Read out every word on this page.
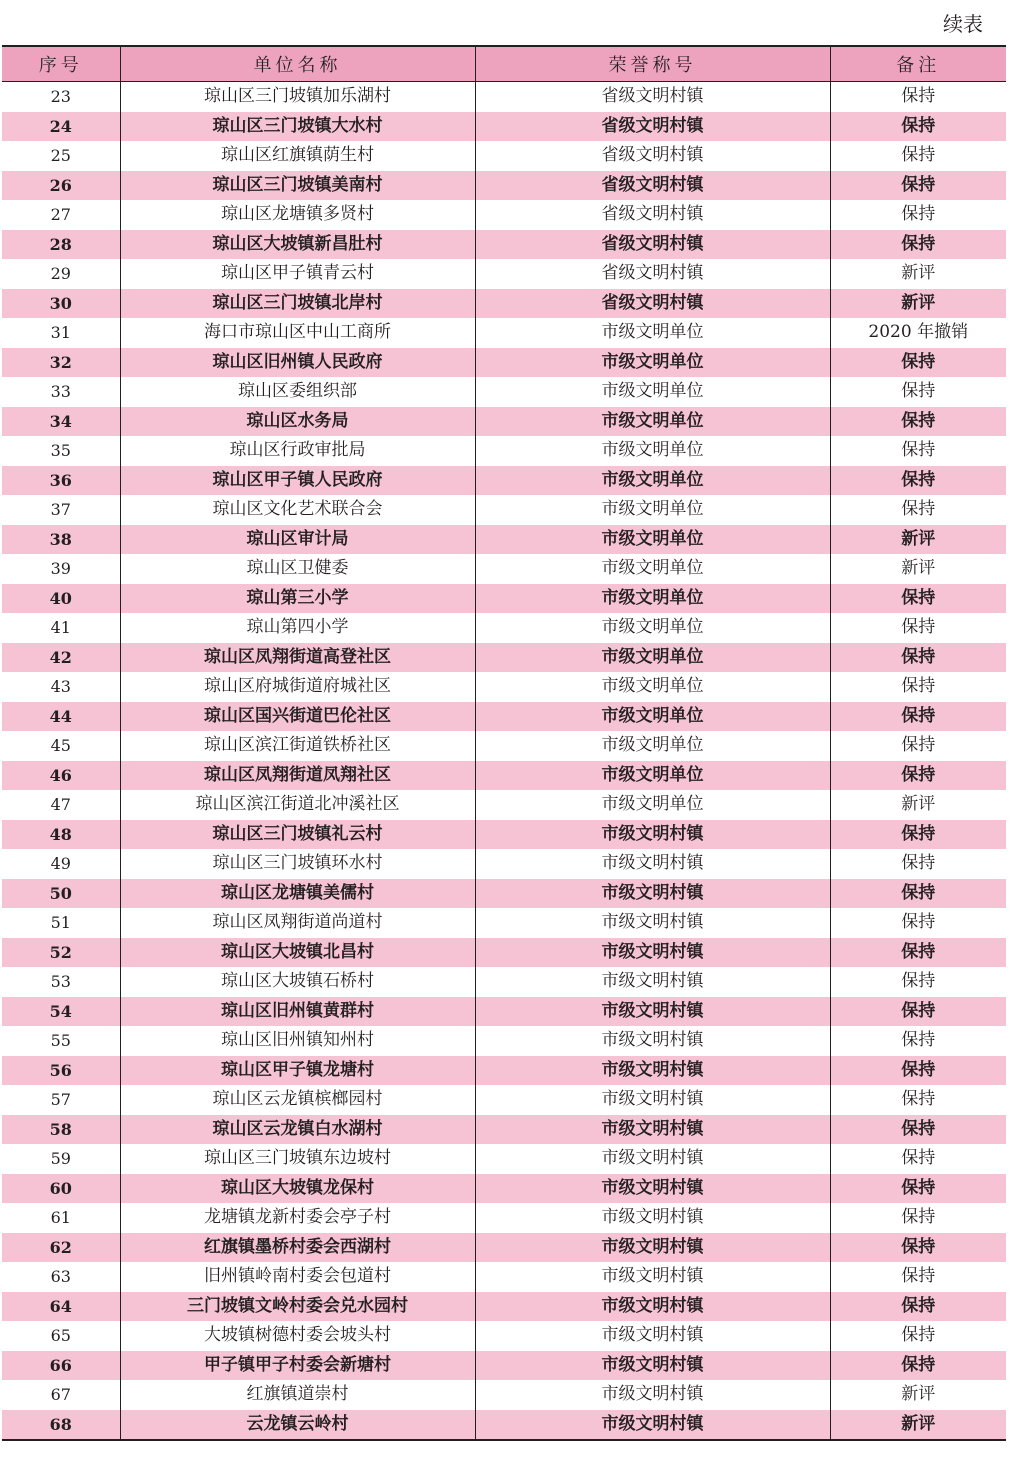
续表
序号	单位名称	荣誉称号	备注
23	琼山区三门坡镇加乐湖村	省级文明村镇	保持
24	琼山区三门坡镇大水村	省级文明村镇	保持
25	琼山区红旗镇荫生村	省级文明村镇	保持
26	琼山区三门坡镇美南村	省级文明村镇	保持
27	琼山区龙塘镇多贤村	省级文明村镇	保持
28	琼山区大坡镇新昌肚村	省级文明村镇	保持
29	琼山区甲子镇青云村	省级文明村镇	新评
30	琼山区三门坡镇北岸村	省级文明村镇	新评
31	海口市琼山区中山工商所	市级文明单位	2020 年撤销
32	琼山区旧州镇人民政府	市级文明单位	保持
33	琼山区委组织部	市级文明单位	保持
34	琼山区水务局	市级文明单位	保持
35	琼山区行政审批局	市级文明单位	保持
36	琼山区甲子镇人民政府	市级文明单位	保持
37	琼山区文化艺术联合会	市级文明单位	保持
38	琼山区审计局	市级文明单位	新评
39	琼山区卫健委	市级文明单位	新评
40	琼山第三小学	市级文明单位	保持
41	琼山第四小学	市级文明单位	保持
42	琼山区凤翔街道高登社区	市级文明单位	保持
43	琼山区府城街道府城社区	市级文明单位	保持
44	琼山区国兴街道巴伦社区	市级文明单位	保持
45	琼山区滨江街道铁桥社区	市级文明单位	保持
46	琼山区凤翔街道凤翔社区	市级文明单位	保持
47	琼山区滨江街道北冲溪社区	市级文明单位	新评
48	琼山区三门坡镇礼云村	市级文明村镇	保持
49	琼山区三门坡镇环水村	市级文明村镇	保持
50	琼山区龙塘镇美儒村	市级文明村镇	保持
51	琼山区凤翔街道尚道村	市级文明村镇	保持
52	琼山区大坡镇北昌村	市级文明村镇	保持
53	琼山区大坡镇石桥村	市级文明村镇	保持
54	琼山区旧州镇黄群村	市级文明村镇	保持
55	琼山区旧州镇知州村	市级文明村镇	保持
56	琼山区甲子镇龙塘村	市级文明村镇	保持
57	琼山区云龙镇槟榔园村	市级文明村镇	保持
58	琼山区云龙镇白水湖村	市级文明村镇	保持
59	琼山区三门坡镇东边坡村	市级文明村镇	保持
60	琼山区大坡镇龙保村	市级文明村镇	保持
61	龙塘镇龙新村委会亭子村	市级文明村镇	保持
62	红旗镇墨桥村委会西湖村	市级文明村镇	保持
63	旧州镇岭南村委会包道村	市级文明村镇	保持
64	三门坡镇文岭村委会兑水园村	市级文明村镇	保持
65	大坡镇树德村委会坡头村	市级文明村镇	保持
66	甲子镇甲子村委会新塘村	市级文明村镇	保持
67	红旗镇道崇村	市级文明村镇	新评
68	云龙镇云岭村	市级文明村镇	新评
